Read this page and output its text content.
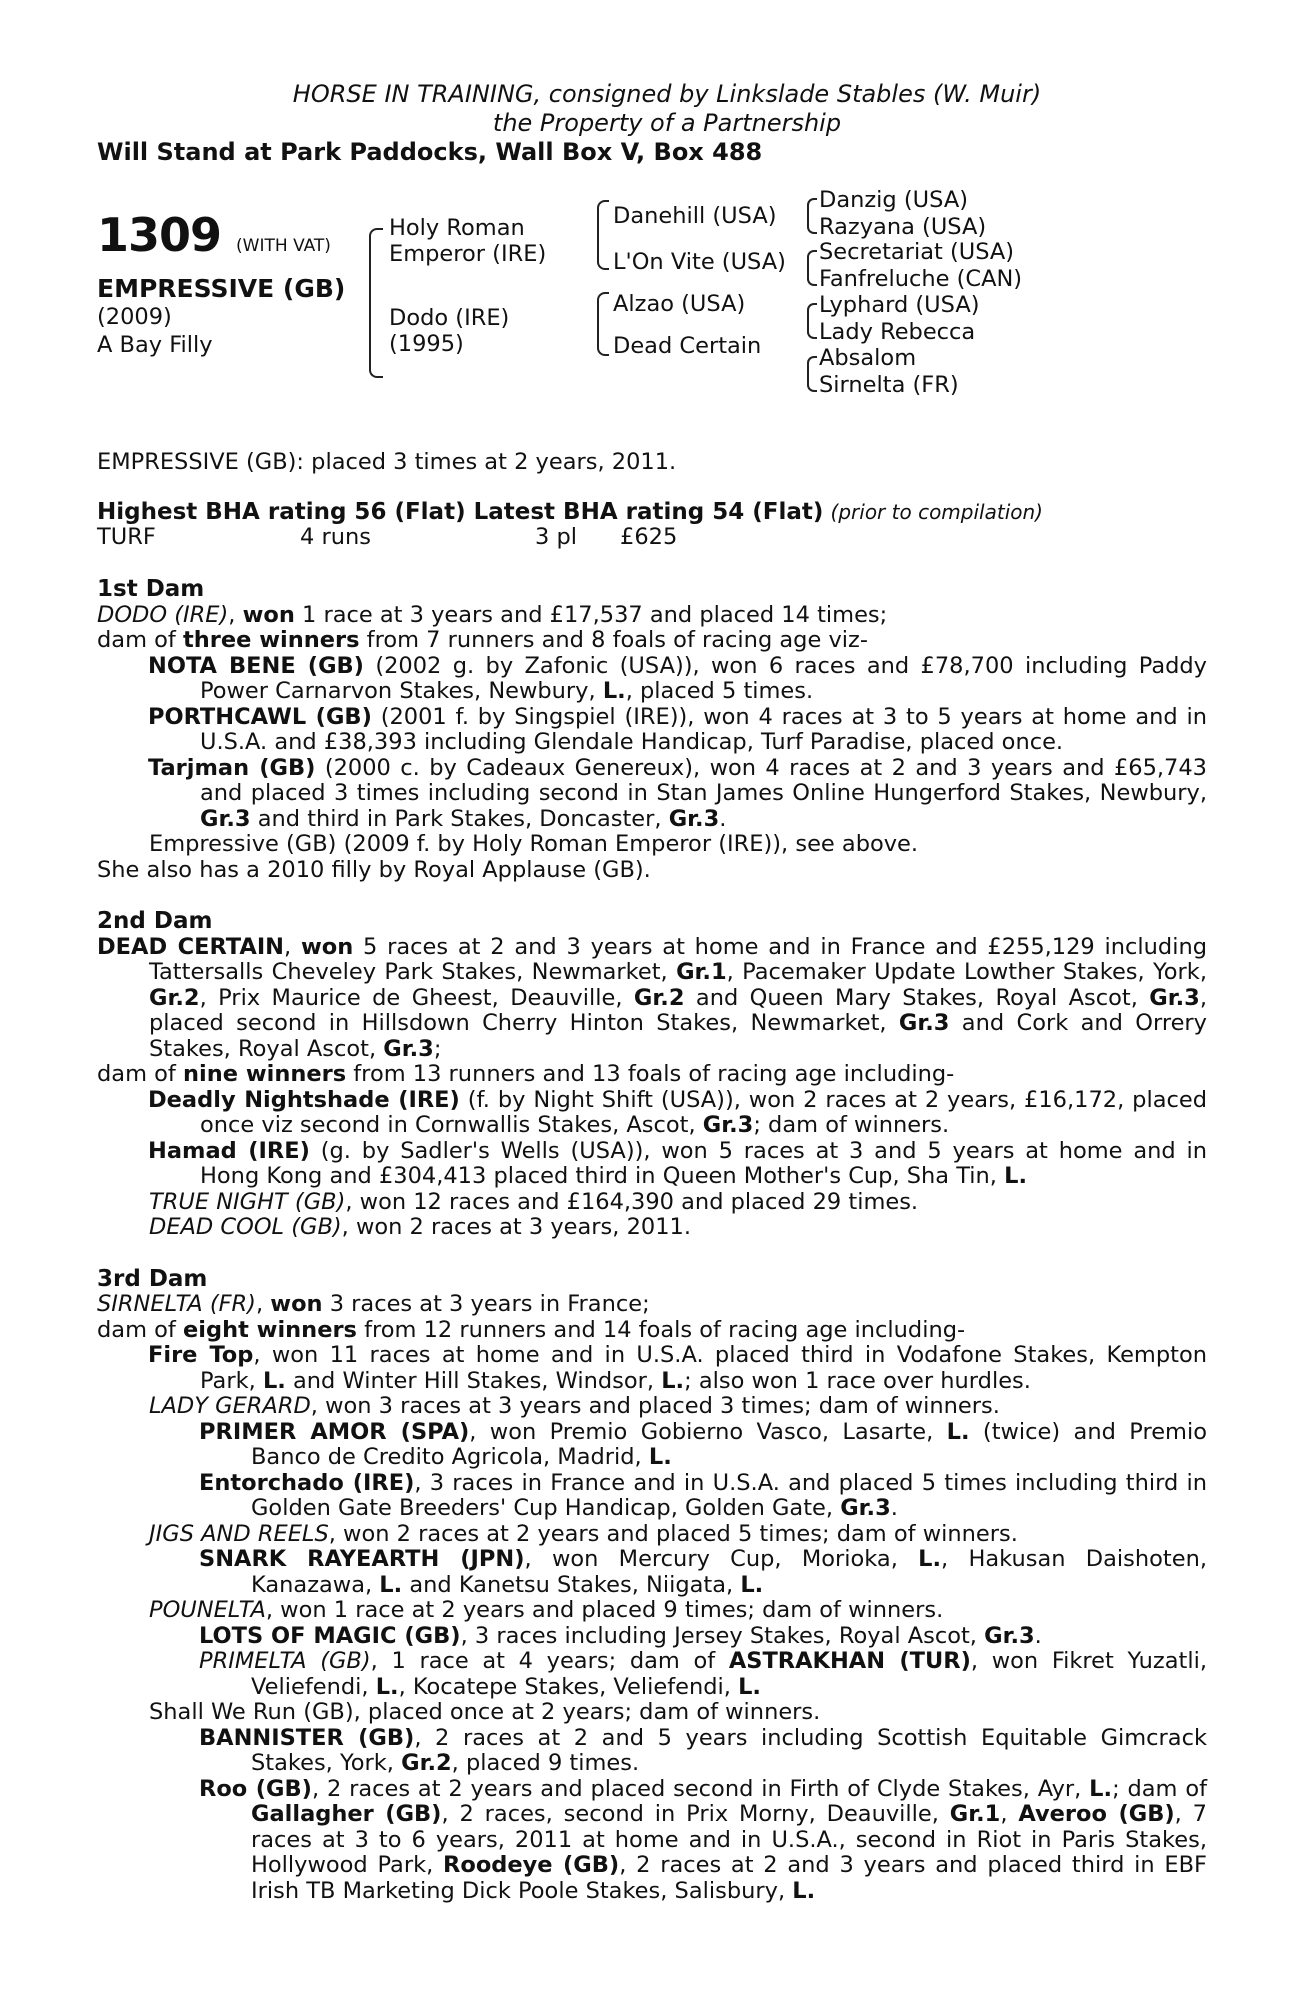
HORSE IN TRAINING, consigned by Linkslade Stables (W. Muir)
the Property of a Partnership
Will Stand at Park Paddocks, Wall Box V, Box 488
1309 (WITH VAT)
EMPRESSIVE (GB)
(2009)
A Bay Filly
Holy Roman
Emperor (IRE)
Dodo (IRE)
(1995)
Danehill (USA)
L'On Vite (USA)
Alzao (USA)
Dead Certain
Danzig (USA)
Razyana (USA)
Secretariat (USA)
Fanfreluche (CAN)
Lyphard (USA)
Lady Rebecca
Absalom
Sirnelta (FR)

EMPRESSIVE (GB): placed 3 times at 2 years, 2011.

Highest BHA rating 56 (Flat) Latest BHA rating 54 (Flat) (prior to compilation)
TURF	4 runs	3 pl £625
1st Dam

DODO (IRE), won 1 race at 3 years and £17,537 and placed 14 times;

dam of three winners from 7 runners and 8 foals of racing age viz-

NOTA BENE (GB) (2002 g. by Zafonic (USA)), won 6 races and £78,700 including Paddy Power Carnarvon Stakes, Newbury, L., placed 5 times.

PORTHCAWL (GB) (2001 f. by Singspiel (IRE)), won 4 races at 3 to 5 years at home and in U.S.A. and £38,393 including Glendale Handicap, Turf Paradise, placed once.

Tarjman (GB) (2000 c. by Cadeaux Genereux), won 4 races at 2 and 3 years and £65,743 and placed 3 times including second in Stan James Online Hungerford Stakes, Newbury, Gr.3 and third in Park Stakes, Doncaster, Gr.3.

Empressive (GB) (2009 f. by Holy Roman Emperor (IRE)), see above.

She also has a 2010 filly by Royal Applause (GB).

2nd Dam

DEAD CERTAIN, won 5 races at 2 and 3 years at home and in France and £255,129 including Tattersalls Cheveley Park Stakes, Newmarket, Gr.1, Pacemaker Update Lowther Stakes, York, Gr.2, Prix Maurice de Gheest, Deauville, Gr.2 and Queen Mary Stakes, Royal Ascot, Gr.3, placed second in Hillsdown Cherry Hinton Stakes, Newmarket, Gr.3 and Cork and Orrery Stakes, Royal Ascot, Gr.3;

dam of nine winners from 13 runners and 13 foals of racing age including-

Deadly Nightshade (IRE) (f. by Night Shift (USA)), won 2 races at 2 years, £16,172, placed once viz second in Cornwallis Stakes, Ascot, Gr.3; dam of winners.

Hamad (IRE) (g. by Sadler's Wells (USA)), won 5 races at 3 and 5 years at home and in Hong Kong and £304,413 placed third in Queen Mother's Cup, Sha Tin, L.

TRUE NIGHT (GB), won 12 races and £164,390 and placed 29 times.

DEAD COOL (GB), won 2 races at 3 years, 2011.

3rd Dam

SIRNELTA (FR), won 3 races at 3 years in France;

dam of eight winners from 12 runners and 14 foals of racing age including-

Fire Top, won 11 races at home and in U.S.A. placed third in Vodafone Stakes, Kempton Park, L. and Winter Hill Stakes, Windsor, L.; also won 1 race over hurdles.

LADY GERARD, won 3 races at 3 years and placed 3 times; dam of winners.

PRIMER AMOR (SPA), won Premio Gobierno Vasco, Lasarte, L. (twice) and Premio Banco de Credito Agricola, Madrid, L.

Entorchado (IRE), 3 races in France and in U.S.A. and placed 5 times including third in Golden Gate Breeders' Cup Handicap, Golden Gate, Gr.3.

JIGS AND REELS, won 2 races at 2 years and placed 5 times; dam of winners.

SNARK RAYEARTH (JPN), won Mercury Cup, Morioka, L., Hakusan Daishoten, Kanazawa, L. and Kanetsu Stakes, Niigata, L.

POUNELTA, won 1 race at 2 years and placed 9 times; dam of winners.

LOTS OF MAGIC (GB), 3 races including Jersey Stakes, Royal Ascot, Gr.3.

PRIMELTA (GB), 1 race at 4 years; dam of ASTRAKHAN (TUR), won Fikret Yuzatli, Veliefendi, L., Kocatepe Stakes, Veliefendi, L.

Shall We Run (GB), placed once at 2 years; dam of winners.

BANNISTER (GB), 2 races at 2 and 5 years including Scottish Equitable Gimcrack Stakes, York, Gr.2, placed 9 times.

Roo (GB), 2 races at 2 years and placed second in Firth of Clyde Stakes, Ayr, L.; dam of Gallagher (GB), 2 races, second in Prix Morny, Deauville, Gr.1, Averoo (GB), 7 races at 3 to 6 years, 2011 at home and in U.S.A., second in Riot in Paris Stakes, Hollywood Park, Roodeye (GB), 2 races at 2 and 3 years and placed third in EBF Irish TB Marketing Dick Poole Stakes, Salisbury, L.
